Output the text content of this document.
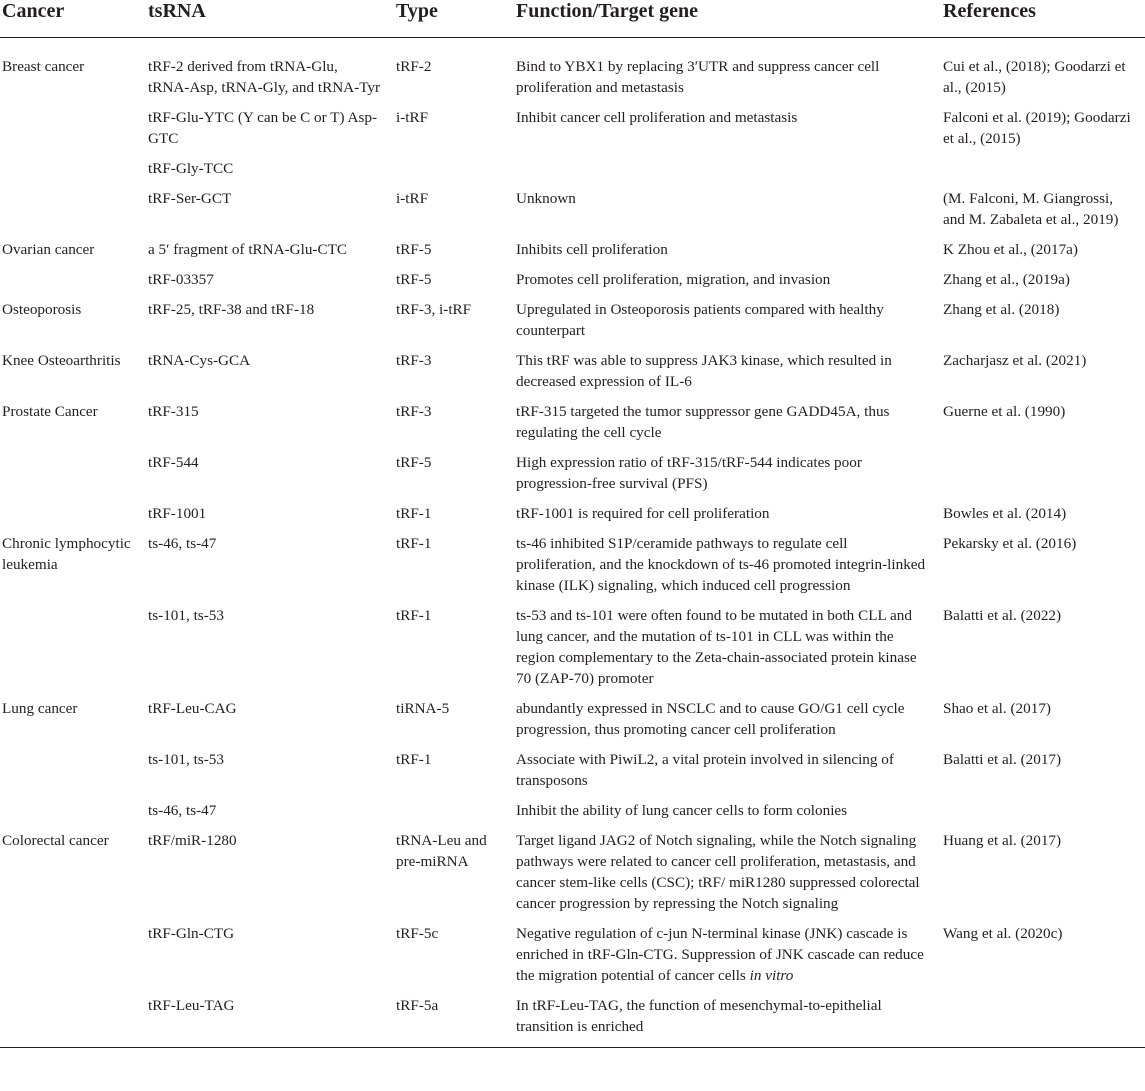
Cancer	tsRNA	Type	Function/Target gene	References
Breast cancer	tRF-2 derived from tRNA-Glu, tRNA-Asp, tRNA-Gly, and tRNA-Tyr	tRF-2	Bind to YBX1 by replacing 3′UTR and suppress cancer cell proliferation and metastasis	Cui et al., (2018); Goodarzi et al., (2015)
	tRF-Glu-YTC (Y can be C or T) Asp-GTC	i-tRF	Inhibit cancer cell proliferation and metastasis	Falconi et al. (2019); Goodarzi et al., (2015)
	tRF-Gly-TCC			
	tRF-Ser-GCT	i-tRF	Unknown	(M. Falconi, M. Giangrossi, and M. Zabaleta et al., 2019)
Ovarian cancer	a 5′ fragment of tRNA-Glu-CTC	tRF-5	Inhibits cell proliferation	K Zhou et al., (2017a)
	tRF-03357	tRF-5	Promotes cell proliferation, migration, and invasion	Zhang et al., (2019a)
Osteoporosis	tRF-25, tRF-38 and tRF-18	tRF-3, i-tRF	Upregulated in Osteoporosis patients compared with healthy counterpart	Zhang et al. (2018)
Knee Osteoarthritis	tRNA-Cys-GCA	tRF-3	This tRF was able to suppress JAK3 kinase, which resulted in decreased expression of IL-6	Zacharjasz et al. (2021)
Prostate Cancer	tRF-315	tRF-3	tRF-315 targeted the tumor suppressor gene GADD45A, thus regulating the cell cycle	Guerne et al. (1990)
	tRF-544	tRF-5	High expression ratio of tRF-315/tRF-544 indicates poor progression-free survival (PFS)	
	tRF-1001	tRF-1	tRF-1001 is required for cell proliferation	Bowles et al. (2014)
Chronic lymphocytic leukemia	ts-46, ts-47	tRF-1	ts-46 inhibited S1P/ceramide pathways to regulate cell proliferation, and the knockdown of ts-46 promoted integrin-linked kinase (ILK) signaling, which induced cell progression	Pekarsky et al. (2016)
	ts-101, ts-53	tRF-1	ts-53 and ts-101 were often found to be mutated in both CLL and lung cancer, and the mutation of ts-101 in CLL was within the region complementary to the Zeta-chain-associated protein kinase 70 (ZAP-70) promoter	Balatti et al. (2022)
Lung cancer	tRF-Leu-CAG	tiRNA-5	abundantly expressed in NSCLC and to cause GO/G1 cell cycle progression, thus promoting cancer cell proliferation	Shao et al. (2017)
	ts-101, ts-53	tRF-1	Associate with PiwiL2, a vital protein involved in silencing of transposons	Balatti et al. (2017)
	ts-46, ts-47		Inhibit the ability of lung cancer cells to form colonies	
Colorectal cancer	tRF/miR-1280	tRNA-Leu and pre-miRNA	Target ligand JAG2 of Notch signaling, while the Notch signaling pathways were related to cancer cell proliferation, metastasis, and cancer stem-like cells (CSC); tRF/ miR1280 suppressed colorectal cancer progression by repressing the Notch signaling	Huang et al. (2017)
	tRF-Gln-CTG	tRF-5c	Negative regulation of c-jun N-terminal kinase (JNK) cascade is enriched in tRF-Gln-CTG. Suppression of JNK cascade can reduce the migration potential of cancer cells in vitro	Wang et al. (2020c)
	tRF-Leu-TAG	tRF-5a	In tRF-Leu-TAG, the function of mesenchymal-to-epithelial transition is enriched	
